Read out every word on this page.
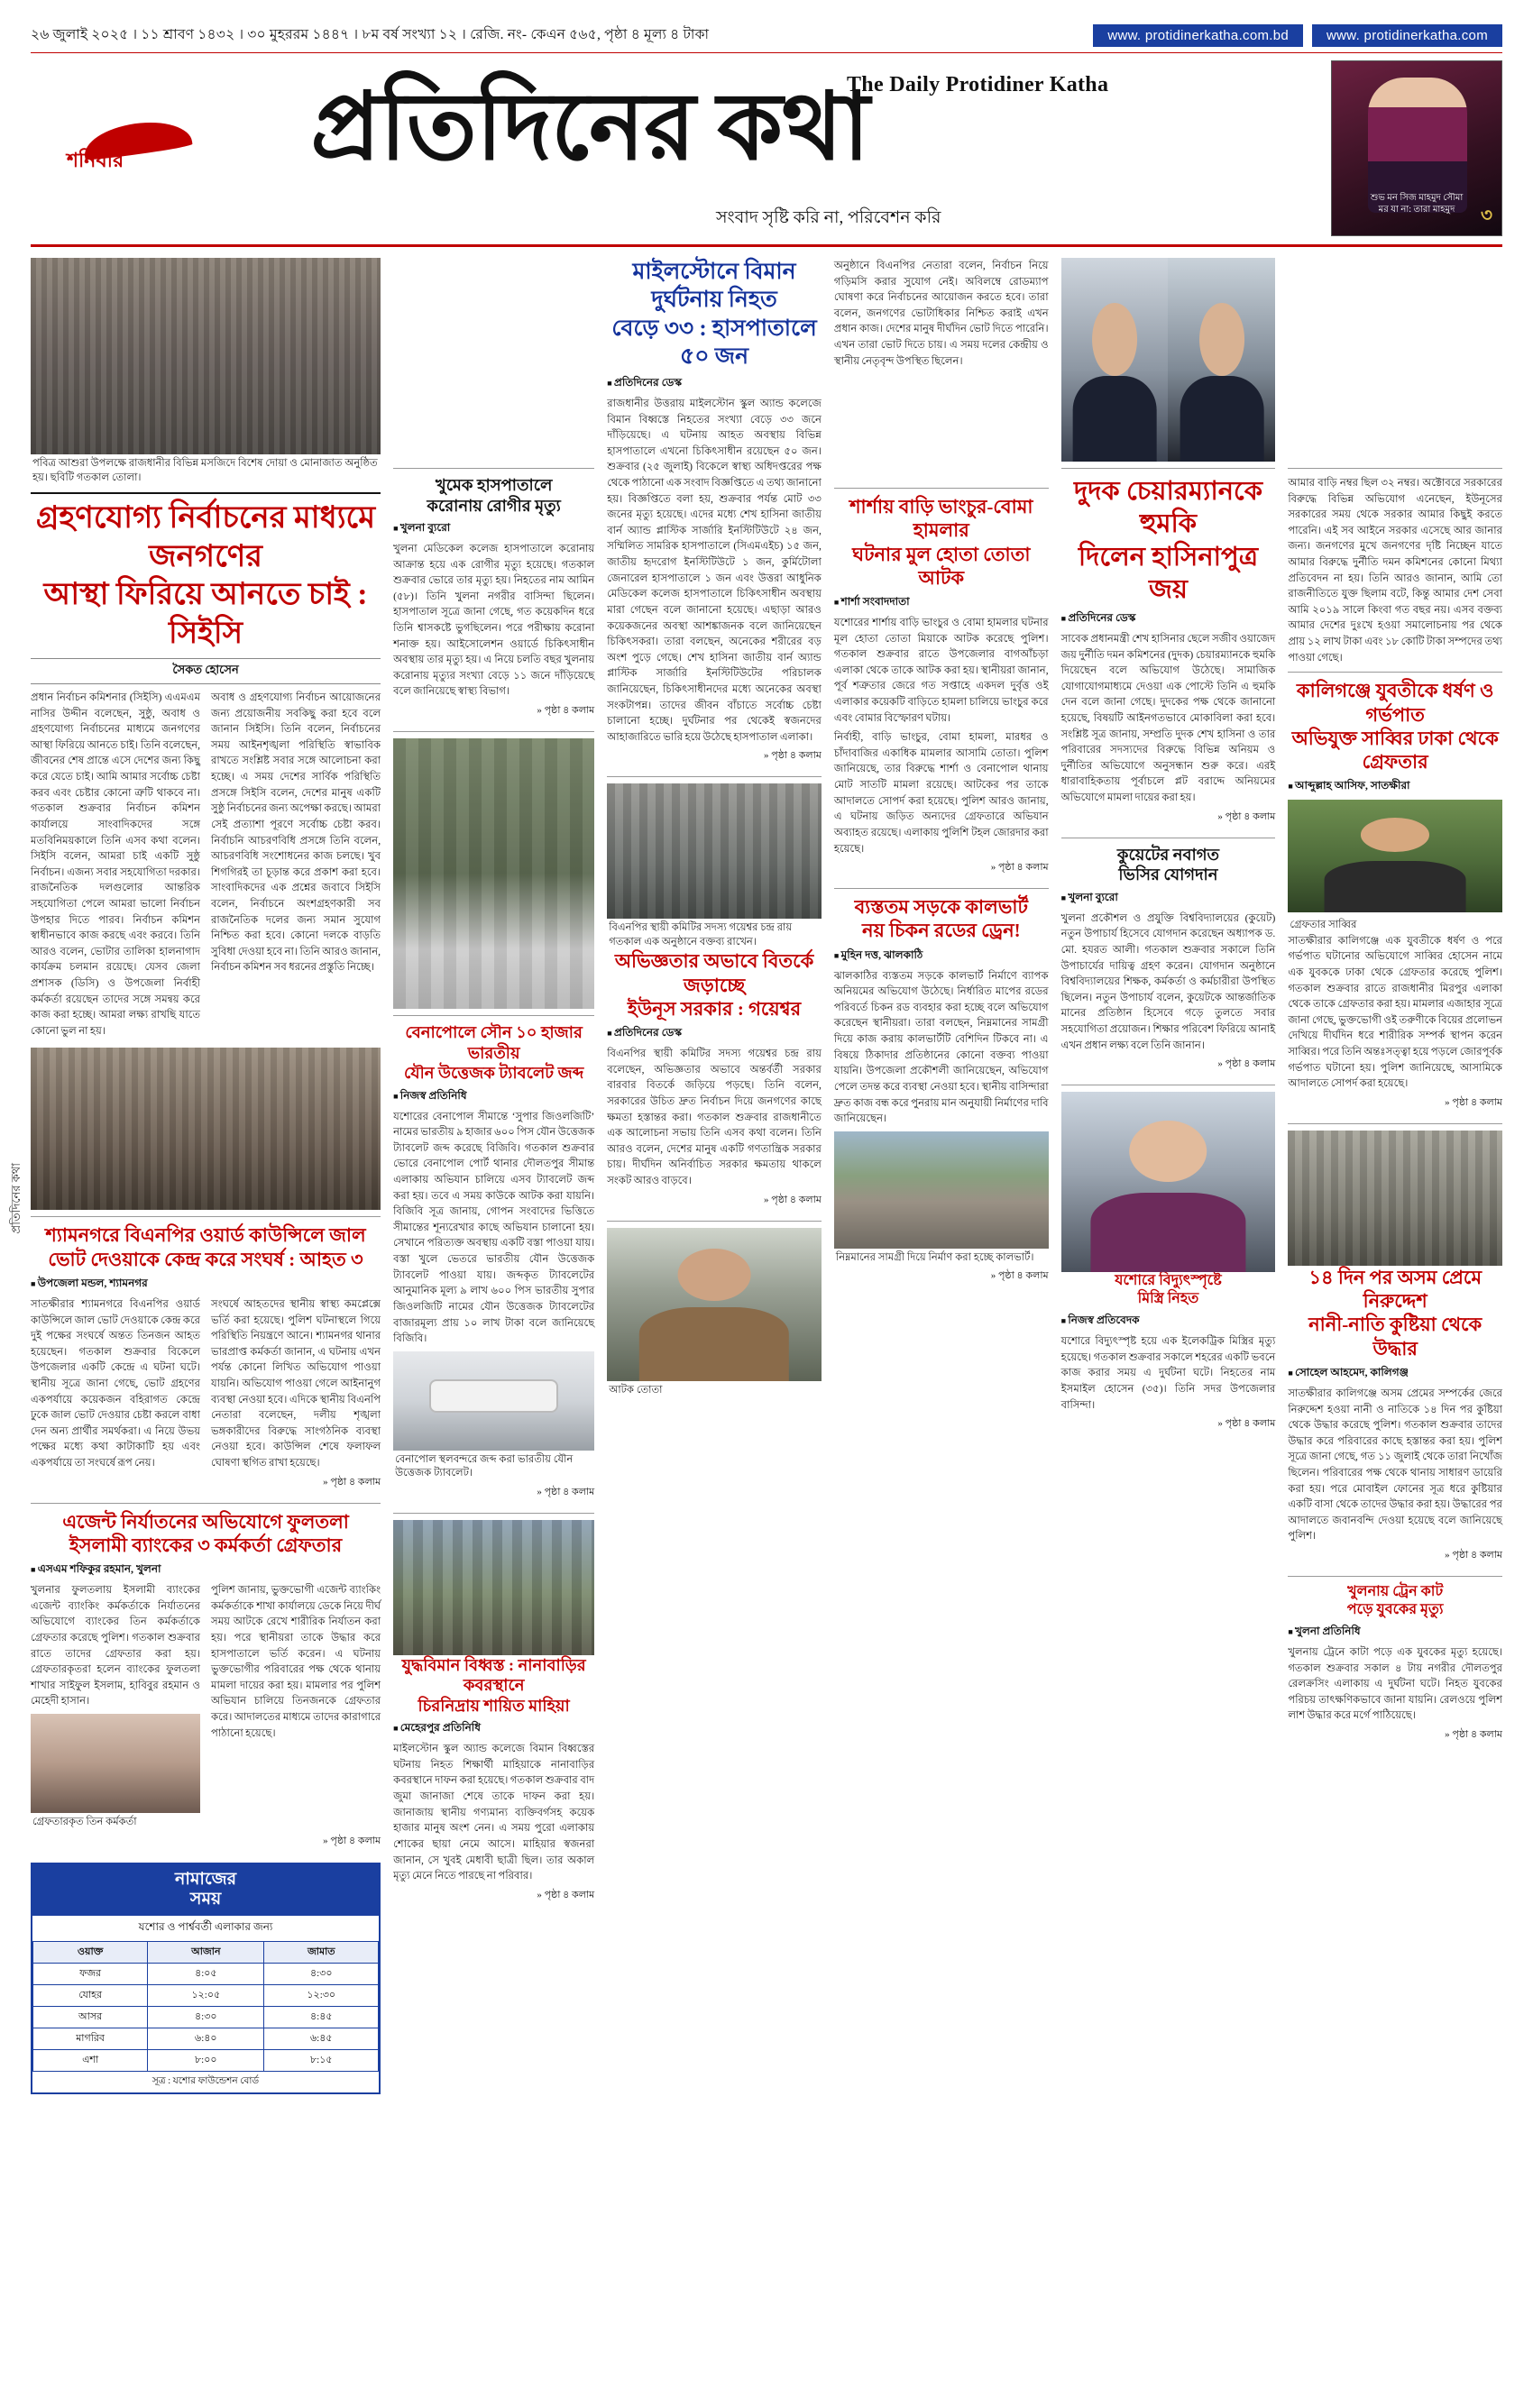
২৬ জুলাই ২০২৫ । ১১ শ্রাবণ ১৪৩২ । ৩০ মুহররম ১৪৪৭ । ৮ম বর্ষ সংখ্যা ১২ । রেজি. নং- কেএন ৫৬৫, পৃষ্ঠা ৪ মূল্য ৪ টাকা	www. protidinerkatha.com.bd	www. protidinerkatha.com
শনিবার
The Daily Protidiner Katha
প্রতিদিনের কথা
সংবাদ সৃষ্টি করি না, পরিবেশন করি
শুভ মন সিজ মাহমুদ সৌমা
মর যা না: তারা মাহমুদ	৩
প্রতিদিনের কথা
পবিত্র আশুরা উপলক্ষে রাজধানীর বিভিন্ন মসজিদে বিশেষ দোয়া ও মোনাজাত অনুষ্ঠিত হয়। ছবিটি গতকাল তোলা।
গ্রহণযোগ্য নির্বাচনের মাধ্যমে জনগণের
আস্থা ফিরিয়ে আনতে চাই : সিইসি
সৈকত হোসেন
প্রধান নির্বাচন কমিশনার (সিইসি) এএমএম নাসির উদ্দীন বলেছেন, সুষ্ঠু, অবাধ ও গ্রহণযোগ্য নির্বাচনের মাধ্যমে জনগণের আস্থা ফিরিয়ে আনতে চাই। তিনি বলেছেন, জীবনের শেষ প্রান্তে এসে দেশের জন্য কিছু করে যেতে চাই। আমি আমার সর্বোচ্চ চেষ্টা করব এবং চেষ্টার কোনো ত্রুটি থাকবে না। গতকাল শুক্রবার নির্বাচন কমিশন কার্যালয়ে সাংবাদিকদের সঙ্গে মতবিনিময়কালে তিনি এসব কথা বলেন। সিইসি বলেন, আমরা চাই একটি সুষ্ঠু নির্বাচন। এজন্য সবার সহযোগিতা দরকার। রাজনৈতিক দলগুলোর আন্তরিক সহযোগিতা পেলে আমরা ভালো নির্বাচন উপহার দিতে পারব। নির্বাচন কমিশন স্বাধীনভাবে কাজ করছে এবং করবে। তিনি আরও বলেন, ভোটার তালিকা হালনাগাদ কার্যক্রম চলমান রয়েছে। যেসব জেলা প্রশাসক (ডিসি) ও উপজেলা নির্বাহী কর্মকর্তা রয়েছেন তাদের সঙ্গে সমন্বয় করে কাজ করা হচ্ছে। আমরা লক্ষ্য রাখছি যাতে কোনো ভুল না হয়।
অবাধ ও গ্রহণযোগ্য নির্বাচন আয়োজনের জন্য প্রয়োজনীয় সবকিছু করা হবে বলে জানান সিইসি। তিনি বলেন, নির্বাচনের সময় আইনশৃঙ্খলা পরিস্থিতি স্বাভাবিক রাখতে সংশ্লিষ্ট সবার সঙ্গে আলোচনা করা হচ্ছে। এ সময় দেশের সার্বিক পরিস্থিতি প্রসঙ্গে সিইসি বলেন, দেশের মানুষ একটি সুষ্ঠু নির্বাচনের জন্য অপেক্ষা করছে। আমরা সেই প্রত্যাশা পূরণে সর্বোচ্চ চেষ্টা করব। নির্বাচনি আচরণবিধি প্রসঙ্গে তিনি বলেন, আচরণবিধি সংশোধনের কাজ চলছে। খুব শিগগিরই তা চূড়ান্ত করে প্রকাশ করা হবে। সাংবাদিকদের এক প্রশ্নের জবাবে সিইসি বলেন, নির্বাচনে অংশগ্রহণকারী সব রাজনৈতিক দলের জন্য সমান সুযোগ নিশ্চিত করা হবে। কোনো দলকে বাড়তি সুবিধা দেওয়া হবে না। তিনি আরও জানান, নির্বাচন কমিশন সব ধরনের প্রস্তুতি নিচ্ছে।
শ্যামনগরে বিএনপির ওয়ার্ড কাউন্সিলে জাল
ভোট দেওয়াকে কেন্দ্র করে সংঘর্ষ : আহত ৩
■ উপজেলা মন্ডল, শ্যামনগর
সাতক্ষীরার শ্যামনগরে বিএনপির ওয়ার্ড কাউন্সিলে জাল ভোট দেওয়াকে কেন্দ্র করে দুই পক্ষের সংঘর্ষে অন্তত তিনজন আহত হয়েছেন। গতকাল শুক্রবার বিকেলে উপজেলার একটি কেন্দ্রে এ ঘটনা ঘটে। স্থানীয় সূত্রে জানা গেছে, ভোট গ্রহণের একপর্যায়ে কয়েকজন বহিরাগত কেন্দ্রে ঢুকে জাল ভোট দেওয়ার চেষ্টা করলে বাধা দেন অন্য প্রার্থীর সমর্থকরা। এ নিয়ে উভয় পক্ষের মধ্যে কথা কাটাকাটি হয় এবং একপর্যায়ে তা সংঘর্ষে রূপ নেয়।
সংঘর্ষে আহতদের স্থানীয় স্বাস্থ্য কমপ্লেক্সে ভর্তি করা হয়েছে। পুলিশ ঘটনাস্থলে গিয়ে পরিস্থিতি নিয়ন্ত্রণে আনে। শ্যামনগর থানার ভারপ্রাপ্ত কর্মকর্তা জানান, এ ঘটনায় এখন পর্যন্ত কোনো লিখিত অভিযোগ পাওয়া যায়নি। অভিযোগ পাওয়া গেলে আইনানুগ ব্যবস্থা নেওয়া হবে। এদিকে স্থানীয় বিএনপি নেতারা বলেছেন, দলীয় শৃঙ্খলা ভঙ্গকারীদের বিরুদ্ধে সাংগঠনিক ব্যবস্থা নেওয়া হবে। কাউন্সিল শেষে ফলাফল ঘোষণা স্থগিত রাখা হয়েছে।
» পৃষ্ঠা ৪ কলাম
এজেন্ট নির্যাতনের অভিযোগে ফুলতলা
ইসলামী ব্যাংকের ৩ কর্মকর্তা গ্রেফতার
■ এসএম শফিকুর রহমান, খুলনা
খুলনার ফুলতলায় ইসলামী ব্যাংকের এজেন্ট ব্যাংকিং কর্মকর্তাকে নির্যাতনের অভিযোগে ব্যাংকের তিন কর্মকর্তাকে গ্রেফতার করেছে পুলিশ। গতকাল শুক্রবার রাতে তাদের গ্রেফতার করা হয়। গ্রেফতারকৃতরা হলেন ব্যাংকের ফুলতলা শাখার সাইফুল ইসলাম, হাবিবুর রহমান ও মেহেদী হাসান।
গ্রেফতারকৃত তিন কর্মকর্তা
পুলিশ জানায়, ভুক্তভোগী এজেন্ট ব্যাংকিং কর্মকর্তাকে শাখা কার্যালয়ে ডেকে নিয়ে দীর্ঘ সময় আটকে রেখে শারীরিক নির্যাতন করা হয়। পরে স্থানীয়রা তাকে উদ্ধার করে হাসপাতালে ভর্তি করেন। এ ঘটনায় ভুক্তভোগীর পরিবারের পক্ষ থেকে থানায় মামলা দায়ের করা হয়। মামলার পর পুলিশ অভিযান চালিয়ে তিনজনকে গ্রেফতার করে। আদালতের মাধ্যমে তাদের কারাগারে পাঠানো হয়েছে।
» পৃষ্ঠা ৪ কলাম
নামাজের
সময়
যশোর ও পার্শ্ববর্তী এলাকার জন্য
ওয়াক্ত	আজান	জামাত
ফজর	৪:০৫	৪:৩০
যোহর	১২:০৫	১২:৩০
আসর	৪:৩০	৪:৪৫
মাগরিব	৬:৪০	৬:৪৫
এশা	৮:০০	৮:১৫
সূত্র : যশোর ফাউন্ডেশন বোর্ড
খুমেক হাসপাতালে
করোনায় রোগীর মৃত্যু
■ খুলনা ব্যুরো
খুলনা মেডিকেল কলেজ হাসপাতালে করোনায় আক্রান্ত হয়ে এক রোগীর মৃত্যু হয়েছে। গতকাল শুক্রবার ভোরে তার মৃত্যু হয়। নিহতের নাম আমিন (৫৮)। তিনি খুলনা নগরীর বাসিন্দা ছিলেন। হাসপাতাল সূত্রে জানা গেছে, গত কয়েকদিন ধরে তিনি শ্বাসকষ্টে ভুগছিলেন। পরে পরীক্ষায় করোনা শনাক্ত হয়। আইসোলেশন ওয়ার্ডে চিকিৎসাধীন অবস্থায় তার মৃত্যু হয়। এ নিয়ে চলতি বছর খুলনায় করোনায় মৃত্যুর সংখ্যা বেড়ে ১১ জনে দাঁড়িয়েছে বলে জানিয়েছে স্বাস্থ্য বিভাগ।
» পৃষ্ঠা ৪ কলাম
বেনাপোলে ‍সৌন ১০ হাজার ভারতীয়
যৌন উত্তেজক ট্যাবলেট জব্দ
■ নিজস্ব প্রতিনিধি
যশোরের বেনাপোল সীমান্তে ‘সুপার জিওলজিটি’ নামের ভারতীয় ৯ হাজার ৬০০ পিস যৌন উত্তেজক ট্যাবলেট জব্দ করেছে বিজিবি। গতকাল শুক্রবার ভোরে বেনাপোল পোর্ট থানার দৌলতপুর সীমান্ত এলাকায় অভিযান চালিয়ে এসব ট্যাবলেট জব্দ করা হয়। তবে এ সময় কাউকে আটক করা যায়নি। বিজিবি সূত্র জানায়, গোপন সংবাদের ভিত্তিতে সীমান্তের শূন্যরেখার কাছে অভিযান চালানো হয়। সেখানে পরিত্যক্ত অবস্থায় একটি বস্তা পাওয়া যায়। বস্তা খুলে ভেতরে ভারতীয় যৌন উত্তেজক ট্যাবলেট পাওয়া যায়। জব্দকৃত ট্যাবলেটের আনুমানিক মূল্য ৯ লাখ ৬০০ পিস ভারতীয় সুপার জিওলজিটি নামের যৌন উত্তেজক ট্যাবলেটের বাজারমূল্য প্রায় ১০ লাখ টাকা বলে জানিয়েছে বিজিবি।
বেনাপোল স্থলবন্দরে জব্দ করা ভারতীয় যৌন উত্তেজক ট্যাবলেট।
» পৃষ্ঠা ৪ কলাম
যুদ্ধবিমান বিধ্বস্ত : নানাবাড়ির কবরস্থানে
চিরনিদ্রায় শায়িত মাহিয়া
■ মেহেরপুর প্রতিনিধি
মাইলস্টোন স্কুল অ্যান্ড কলেজে বিমান বিধ্বস্তের ঘটনায় নিহত শিক্ষার্থী মাহিয়াকে নানাবাড়ির কবরস্থানে দাফন করা হয়েছে। গতকাল শুক্রবার বাদ জুমা জানাজা শেষে তাকে দাফন করা হয়। জানাজায় স্থানীয় গণ্যমান্য ব্যক্তিবর্গসহ কয়েক হাজার মানুষ অংশ নেন। এ সময় পুরো এলাকায় শোকের ছায়া নেমে আসে। মাহিয়ার স্বজনরা জানান, সে খুবই মেধাবী ছাত্রী ছিল। তার অকাল মৃত্যু মেনে নিতে পারছে না পরিবার।
» পৃষ্ঠা ৪ কলাম
মাইলস্টোনে বিমান দুর্ঘটনায় নিহত
বেড়ে ৩৩ : হাসপাতালে ৫০ জন
■ প্রতিদিনের ডেস্ক
রাজধানীর উত্তরায় মাইলস্টোন স্কুল অ্যান্ড কলেজে বিমান বিধ্বস্তে নিহতের সংখ্যা বেড়ে ৩৩ জনে দাঁড়িয়েছে। এ ঘটনায় আহত অবস্থায় বিভিন্ন হাসপাতালে এখনো চিকিৎসাধীন রয়েছেন ৫০ জন। শুক্রবার (২৫ জুলাই) বিকেলে স্বাস্থ্য অধিদপ্তরের পক্ষ থেকে পাঠানো এক সংবাদ বিজ্ঞপ্তিতে এ তথ্য জানানো হয়। বিজ্ঞপ্তিতে বলা হয়, শুক্রবার পর্যন্ত মোট ৩৩ জনের মৃত্যু হয়েছে। এদের মধ্যে শেখ হাসিনা জাতীয় বার্ন অ্যান্ড প্লাস্টিক সার্জারি ইনস্টিটিউটে ২৪ জন, সম্মিলিত সামরিক হাসপাতালে (সিএমএইচ) ১৫ জন, জাতীয় হৃদরোগ ইনস্টিটিউটে ১ জন, কুর্মিটোলা জেনারেল হাসপাতালে ১ জন এবং উত্তরা আধুনিক মেডিকেল কলেজ হাসপাতালে চিকিৎসাধীন অবস্থায় মারা গেছেন বলে জানানো হয়েছে। এছাড়া আরও কয়েকজনের অবস্থা আশঙ্কাজনক বলে জানিয়েছেন চিকিৎসকরা। তারা বলছেন, অনেকের শরীরের বড় অংশ পুড়ে গেছে। শেখ হাসিনা জাতীয় বার্ন অ্যান্ড প্লাস্টিক সার্জারি ইনস্টিটিউটের পরিচালক জানিয়েছেন, চিকিৎসাধীনদের মধ্যে অনেকের অবস্থা সংকটাপন্ন। তাদের জীবন বাঁচাতে সর্বোচ্চ চেষ্টা চালানো হচ্ছে। দুর্ঘটনার পর থেকেই স্বজনদের আহাজারিতে ভারি হয়ে উঠেছে হাসপাতাল এলাকা।
» পৃষ্ঠা ৪ কলাম
বিএনপির স্থায়ী কমিটির সদস্য গয়েশ্বর চন্দ্র রায় গতকাল এক অনুষ্ঠানে বক্তব্য রাখেন।
অভিজ্ঞতার অভাবে বিতর্কে জড়াচ্ছে
ইউনূস সরকার : গয়েশ্বর
■ প্রতিদিনের ডেস্ক
বিএনপির স্থায়ী কমিটির সদস্য গয়েশ্বর চন্দ্র রায় বলেছেন, অভিজ্ঞতার অভাবে অন্তর্বর্তী সরকার বারবার বিতর্কে জড়িয়ে পড়ছে। তিনি বলেন, সরকারের উচিত দ্রুত নির্বাচন দিয়ে জনগণের কাছে ক্ষমতা হস্তান্তর করা। গতকাল শুক্রবার রাজধানীতে এক আলোচনা সভায় তিনি এসব কথা বলেন। তিনি আরও বলেন, দেশের মানুষ একটি গণতান্ত্রিক সরকার চায়। দীর্ঘদিন অনির্বাচিত সরকার ক্ষমতায় থাকলে সংকট আরও বাড়বে।
» পৃষ্ঠা ৪ কলাম
আটক তোতা
অনুষ্ঠানে বিএনপির নেতারা বলেন, নির্বাচন নিয়ে গড়িমসি করার সুযোগ নেই। অবিলম্বে রোডম্যাপ ঘোষণা করে নির্বাচনের আয়োজন করতে হবে। তারা বলেন, জনগণের ভোটাধিকার নিশ্চিত করাই এখন প্রধান কাজ। দেশের মানুষ দীর্ঘদিন ভোট দিতে পারেনি। এখন তারা ভোট দিতে চায়। এ সময় দলের কেন্দ্রীয় ও স্থানীয় নেতৃবৃন্দ উপস্থিত ছিলেন।
শার্শায় বাড়ি ভাংচুর-বোমা হামলার
ঘটনার মুল হোতা তোতা আটক
■ শার্শা সংবাদদাতা
যশোরের শার্শায় বাড়ি ভাংচুর ও বোমা হামলার ঘটনার মূল হোতা তোতা মিয়াকে আটক করেছে পুলিশ। গতকাল শুক্রবার রাতে উপজেলার বাগআঁচড়া এলাকা থেকে তাকে আটক করা হয়। স্থানীয়রা জানান, পূর্ব শত্রুতার জেরে গত সপ্তাহে একদল দুর্বৃত্ত ওই এলাকার কয়েকটি বাড়িতে হামলা চালিয়ে ভাংচুর করে এবং বোমার বিস্ফোরণ ঘটায়।
নির্বাহী, বাড়ি ভাংচুর, বোমা হামলা, মারধর ও চাঁদাবাজির একাধিক মামলার আসামি তোতা। পুলিশ জানিয়েছে, তার বিরুদ্ধে শার্শা ও বেনাপোল থানায় মোট সাতটি মামলা রয়েছে। আটকের পর তাকে আদালতে সোপর্দ করা হয়েছে। পুলিশ আরও জানায়, এ ঘটনায় জড়িত অন্যদের গ্রেফতারে অভিযান অব্যাহত রয়েছে। এলাকায় পুলিশি টহল জোরদার করা হয়েছে।
» পৃষ্ঠা ৪ কলাম
ব্যস্ততম সড়কে কালভার্ট
নয় চিকন রডের ড্রেন!
■ মুহিন দত্ত, ঝালকাঠি
ঝালকাঠির ব্যস্ততম সড়কে কালভার্ট নির্মাণে ব্যাপক অনিয়মের অভিযোগ উঠেছে। নির্ধারিত মাপের রডের পরিবর্তে চিকন রড ব্যবহার করা হচ্ছে বলে অভিযোগ করেছেন স্থানীয়রা। তারা বলছেন, নিম্নমানের সামগ্রী দিয়ে কাজ করায় কালভার্টটি বেশিদিন টিকবে না। এ বিষয়ে ঠিকাদার প্রতিষ্ঠানের কোনো বক্তব্য পাওয়া যায়নি। উপজেলা প্রকৌশলী জানিয়েছেন, অভিযোগ পেলে তদন্ত করে ব্যবস্থা নেওয়া হবে। স্থানীয় বাসিন্দারা দ্রুত কাজ বন্ধ করে পুনরায় মান অনুযায়ী নির্মাণের দাবি জানিয়েছেন।
নিম্নমানের সামগ্রী দিয়ে নির্মাণ করা হচ্ছে কালভার্ট।
» পৃষ্ঠা ৪ কলাম
দুদক চেয়ারম্যানকে হুমকি
দিলেন হাসিনাপুত্র জয়
■ প্রতিদিনের ডেস্ক
সাবেক প্রধানমন্ত্রী শেখ হাসিনার ছেলে সজীব ওয়াজেদ জয় দুর্নীতি দমন কমিশনের (দুদক) চেয়ারম্যানকে হুমকি দিয়েছেন বলে অভিযোগ উঠেছে। সামাজিক যোগাযোগমাধ্যমে দেওয়া এক পোস্টে তিনি এ হুমকি দেন বলে জানা গেছে। দুদকের পক্ষ থেকে জানানো হয়েছে, বিষয়টি আইনগতভাবে মোকাবিলা করা হবে। সংশ্লিষ্ট সূত্র জানায়, সম্প্রতি দুদক শেখ হাসিনা ও তার পরিবারের সদস্যদের বিরুদ্ধে বিভিন্ন অনিয়ম ও দুর্নীতির অভিযোগে অনুসন্ধান শুরু করে। এরই ধারাবাহিকতায় পূর্বাচলে প্লট বরাদ্দে অনিয়মের অভিযোগে মামলা দায়ের করা হয়।
» পৃষ্ঠা ৪ কলাম
কুয়েটের নবাগত
ভিসির যোগদান
■ খুলনা ব্যুরো
খুলনা প্রকৌশল ও প্রযুক্তি বিশ্ববিদ্যালয়ের (কুয়েট) নতুন উপাচার্য হিসেবে যোগদান করেছেন অধ্যাপক ড. মো. হযরত আলী। গতকাল শুক্রবার সকালে তিনি উপাচার্যের দায়িত্ব গ্রহণ করেন। যোগদান অনুষ্ঠানে বিশ্ববিদ্যালয়ের শিক্ষক, কর্মকর্তা ও কর্মচারীরা উপস্থিত ছিলেন। নতুন উপাচার্য বলেন, কুয়েটকে আন্তর্জাতিক মানের প্রতিষ্ঠান হিসেবে গড়ে তুলতে সবার সহযোগিতা প্রয়োজন। শিক্ষার পরিবেশ ফিরিয়ে আনাই এখন প্রধান লক্ষ্য বলে তিনি জানান।
» পৃষ্ঠা ৪ কলাম
যশোরে বিদ্যুৎস্পৃষ্টে
মিস্ত্রি নিহত
■ নিজস্ব প্রতিবেদক
যশোরে বিদ্যুৎস্পৃষ্ট হয়ে এক ইলেকট্রিক মিস্ত্রির মৃত্যু হয়েছে। গতকাল শুক্রবার সকালে শহরের একটি ভবনে কাজ করার সময় এ দুর্ঘটনা ঘটে। নিহতের নাম ইসমাইল হোসেন (৩৫)। তিনি সদর উপজেলার বাসিন্দা।
» পৃষ্ঠা ৪ কলাম
আমার বাড়ি নম্বর ছিল ৩২ নম্বর। অক্টোবরে সরকারের বিরুদ্ধে বিভিন্ন অভিযোগ এনেছেন, ইউনূসের সরকারের সময় থেকে সরকার আমার কিছুই করতে পারেনি। এই সব আইনে সরকার এসেছে আর জানার জন্য। জনগণের মুখে জনগণের দৃষ্টি নিচ্ছেন যাতে আমার বিরুদ্ধে দুর্নীতি দমন কমিশনের কোনো মিথ্যা প্রতিবেদন না হয়। তিনি আরও জানান, আমি তো রাজনীতিতে যুক্ত ছিলাম বটে, কিন্তু আমার দেশ সেবা আমি ২০১৯ সালে কিংবা গত বছর নয়। এসব বক্তব্য আমার দেশের দুঃখে হওয়া সমালোচনায় পর থেকে প্রায় ১২ লাখ টাকা এবং ১৮ কোটি টাকা সম্পদের তথ্য পাওয়া গেছে।
কালিগঞ্জে যুবতীকে ধর্ষণ ও গর্ভপাত
অভিযুক্ত সাব্বির ঢাকা থেকে গ্রেফতার
■ আব্দুল্লাহ আসিফ, সাতক্ষীরা
গ্রেফতার সাব্বির
সাতক্ষীরার কালিগঞ্জে এক যুবতীকে ধর্ষণ ও পরে গর্ভপাত ঘটানোর অভিযোগে সাব্বির হোসেন নামে এক যুবককে ঢাকা থেকে গ্রেফতার করেছে পুলিশ। গতকাল শুক্রবার রাতে রাজধানীর মিরপুর এলাকা থেকে তাকে গ্রেফতার করা হয়। মামলার এজাহার সূত্রে জানা গেছে, ভুক্তভোগী ওই তরুণীকে বিয়ের প্রলোভন দেখিয়ে দীর্ঘদিন ধরে শারীরিক সম্পর্ক স্থাপন করেন সাব্বির। পরে তিনি অন্তঃসত্ত্বা হয়ে পড়লে জোরপূর্বক গর্ভপাত ঘটানো হয়। পুলিশ জানিয়েছে, আসামিকে আদালতে সোপর্দ করা হয়েছে।
» পৃষ্ঠা ৪ কলাম
১৪ দিন পর অসম প্রেমে নিরুদ্দেশ
নানী-নাতি কুষ্টিয়া থেকে উদ্ধার
■ সোহেল আহমেদ, কালিগঞ্জ
সাতক্ষীরার কালিগঞ্জে অসম প্রেমের সম্পর্কের জেরে নিরুদ্দেশ হওয়া নানী ও নাতিকে ১৪ দিন পর কুষ্টিয়া থেকে উদ্ধার করেছে পুলিশ। গতকাল শুক্রবার তাদের উদ্ধার করে পরিবারের কাছে হস্তান্তর করা হয়। পুলিশ সূত্রে জানা গেছে, গত ১১ জুলাই থেকে তারা নিখোঁজ ছিলেন। পরিবারের পক্ষ থেকে থানায় সাধারণ ডায়েরি করা হয়। পরে মোবাইল ফোনের সূত্র ধরে কুষ্টিয়ার একটি বাসা থেকে তাদের উদ্ধার করা হয়। উদ্ধারের পর আদালতে জবানবন্দি দেওয়া হয়েছে বলে জানিয়েছে পুলিশ।
» পৃষ্ঠা ৪ কলাম
খুলনায় ট্রেন কাট
পড়ে যুবকের মৃত্যু
■ খুলনা প্রতিনিধি
খুলনায় ট্রেনে কাটা পড়ে এক যুবকের মৃত্যু হয়েছে। গতকাল শুক্রবার সকাল ৪ টায় নগরীর দৌলতপুর রেলক্রসিং এলাকায় এ দুর্ঘটনা ঘটে। নিহত যুবকের পরিচয় তাৎক্ষণিকভাবে জানা যায়নি। রেলওয়ে পুলিশ লাশ উদ্ধার করে মর্গে পাঠিয়েছে।
» পৃষ্ঠা ৪ কলাম
